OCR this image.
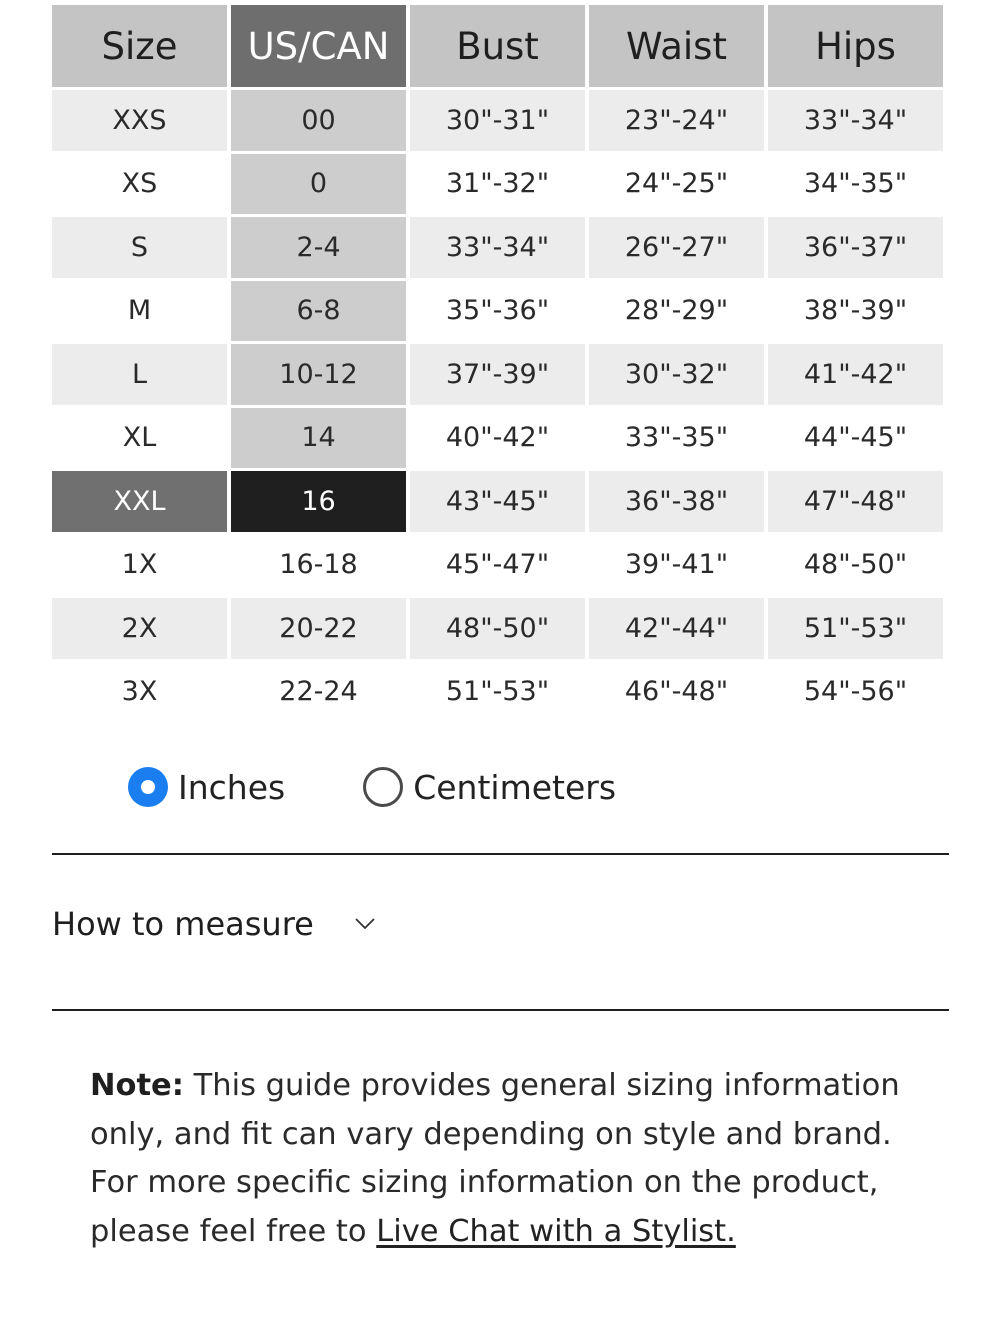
Size	US/CAN	Bust	Waist	Hips
XXS	00	30"-31"	23"-24"	33"-34"
XS	0	31"-32"	24"-25"	34"-35"
S	2-4	33"-34"	26"-27"	36"-37"
M	6-8	35"-36"	28"-29"	38"-39"
L	10-12	37"-39"	30"-32"	41"-42"
XL	14	40"-42"	33"-35"	44"-45"
XXL	16	43"-45"	36"-38"	47"-48"
1X	16-18	45"-47"	39"-41"	48"-50"
2X	20-22	48"-50"	42"-44"	51"-53"
3X	22-24	51"-53"	46"-48"	54"-56"
Inches	Centimeters
How to measure
Note: This guide provides general sizing information only, and fit can vary depending on style and brand. For more specific sizing information on the product, please feel free to Live Chat with a Stylist.
